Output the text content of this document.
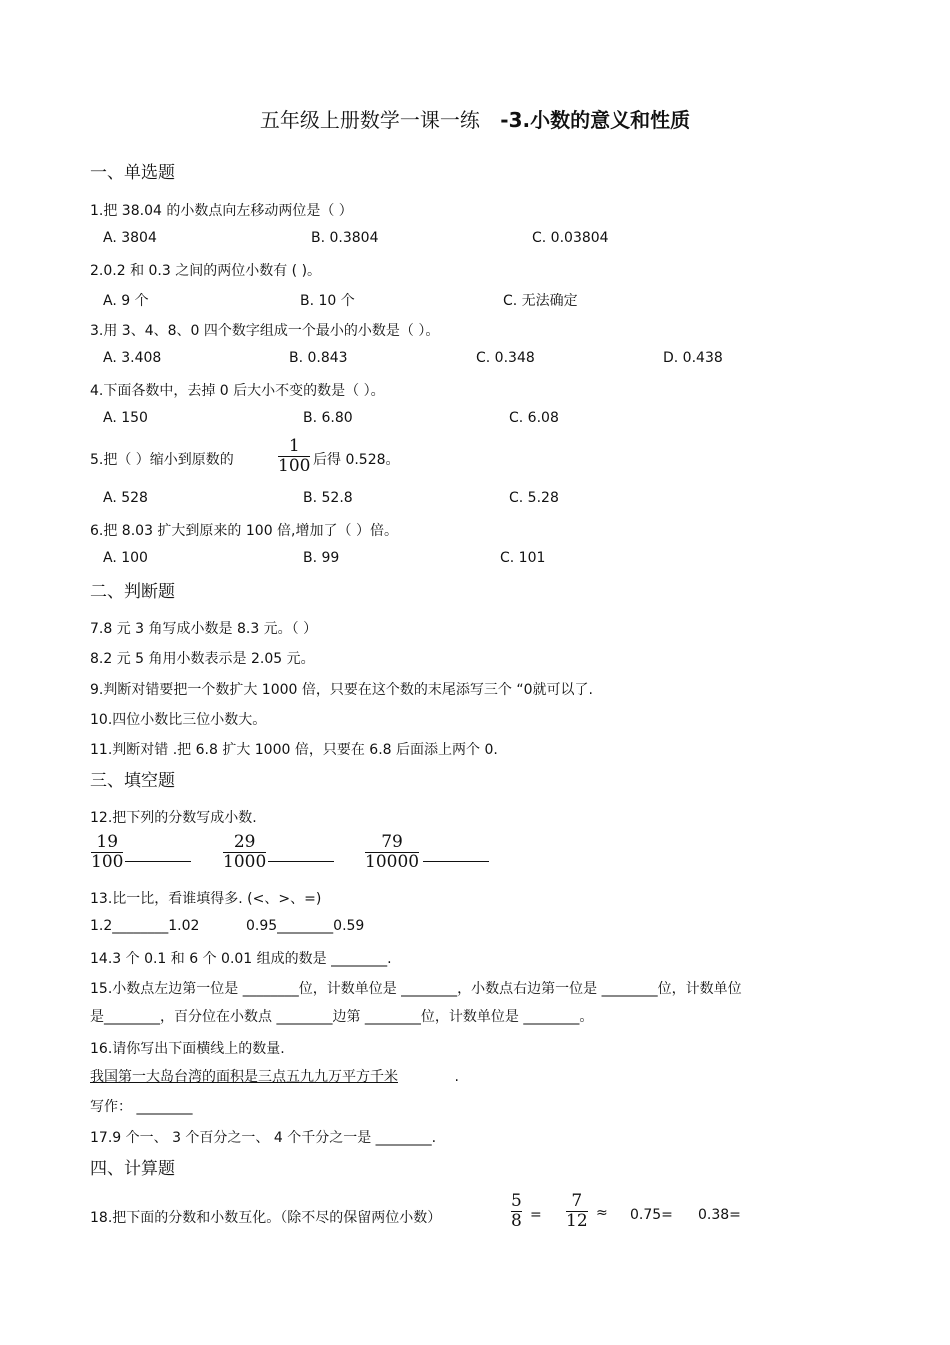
五年级上册数学一课一练 -3.小数的意义和性质
一、单选题
1.把 38.04 的小数点向左移动两位是（ ）
A. 3804	B. 0.3804	C. 0.03804
2.0.2 和 0.3 之间的两位小数有 ( )。
A. 9 个	B. 10 个	C. 无法确定
3.用 3、4、8、0 四个数字组成一个最小的小数是（ ）。
A. 3.408	B. 0.843	C. 0.348	D. 0.438
4.下面各数中，去掉 0 后大小不变的数是（ ）。
A. 150	B. 6.80	C. 6.08
5.把（ ）缩小到原数的
1
100 后得 0.528。
A. 528	B. 52.8	C. 5.28
6.把 8.03 扩大到原来的 100 倍,增加了（ ）倍。
A. 100	B. 99	C. 101
二、判断题
7.8 元 3 角写成小数是 8.3 元。（ ）
8.2 元 5 角用小数表示是 2.05 元。
9.判断对错要把一个数扩大 1000 倍，只要在这个数的末尾添写三个 “0就可以了.
10.四位小数比三位小数大。
11.判断对错 .把 6.8 扩大 1000 倍，只要在 6.8 后面添上两个 0.
三、填空题
12.把下列的分数写成小数.
19
100
29
1000
79
10000
13.比一比，看谁填得多. (<、>、=)
1.2________1.02	0.95________0.59
14.3 个 0.1 和 6 个 0.01 组成的数是 ________.
15.小数点左边第一位是 ________位，计数单位是 ________，小数点右边第一位是 ________位，计数单位
是________，百分位在小数点 ________边第 ________位，计数单位是 ________。
16.请你写出下面横线上的数量.
我国第一大岛台湾的面积是三点五九九万平方千米	.
写作： ________
17.9 个一、 3 个百分之一、 4 个千分之一是 ________.
四、计算题
18.把下面的分数和小数互化。（除不尽的保留两位小数）
5
8 =
7
12 ≈ 0.75= 0.38=
